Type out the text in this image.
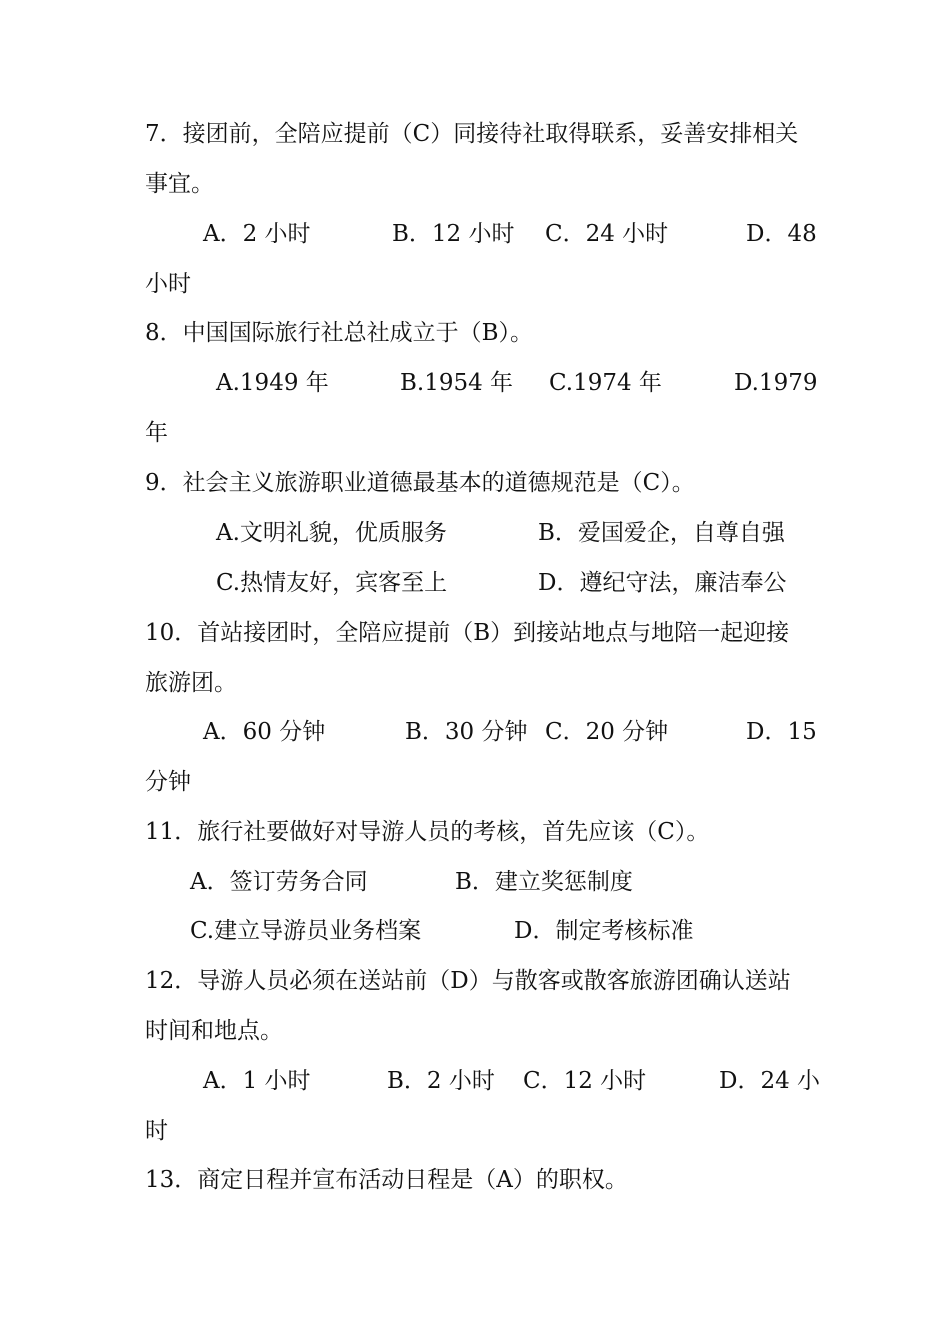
7．接团前，全陪应提前（C）同接待社取得联系，妥善安排相关
事宜。
A．2 小时	B．12 小时 C．24 小时	D．48
小时
8．中国国际旅行社总社成立于（B）。
A.1949 年	B.1954 年 C.1974 年	D.1979
年
9．社会主义旅游职业道德最基本的道德规范是（C）。
A.文明礼貌，优质服务	B．爱国爱企，自尊自强
C.热情友好，宾客至上	D．遵纪守法，廉洁奉公
10．首站接团时，全陪应提前（B）到接站地点与地陪一起迎接
旅游团。
A．60 分钟	B．30 分钟 C．20 分钟	D．15
分钟
11．旅行社要做好对导游人员的考核，首先应该（C）。
A．签订劳务合同	B．建立奖惩制度
C.建立导游员业务档案	D．制定考核标准
12．导游人员必须在送站前（D）与散客或散客旅游团确认送站
时间和地点。
A．1 小时	B．2 小时 C．12 小时	D．24 小
时
13．商定日程并宣布活动日程是（A）的职权。
